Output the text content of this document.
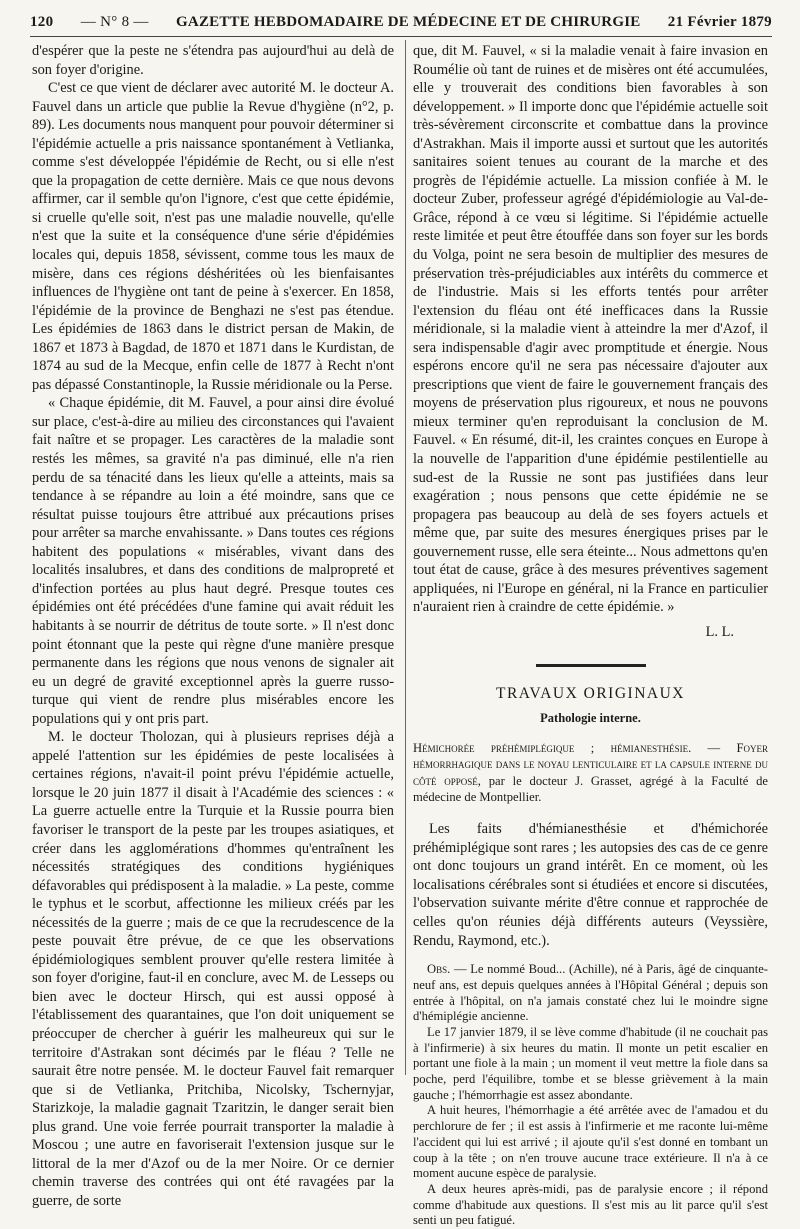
120 — N° 8 — GAZETTE HEBDOMADAIRE DE MÉDECINE ET DE CHIRURGIE 21 Février 1879

d'espérer que la peste ne s'étendra pas aujourd'hui au delà de son foyer d'origine.

C'est ce que vient de déclarer avec autorité M. le docteur A. Fauvel dans un article que publie la Revue d'hygiène (n°2, p. 89). Les documents nous manquent pour pouvoir déterminer si l'épidémie actuelle a pris naissance spontanément à Vetlianka, comme s'est développée l'épidémie de Recht, ou si elle n'est que la propagation de cette dernière. Mais ce que nous devons affirmer, car il semble qu'on l'ignore, c'est que cette épidémie, si cruelle qu'elle soit, n'est pas une maladie nouvelle, qu'elle n'est que la suite et la conséquence d'une série d'épidémies locales qui, depuis 1858, sévissent, comme tous les maux de misère, dans ces régions déshéritées où les bienfaisantes influences de l'hygiène ont tant de peine à s'exercer. En 1858, l'épidémie de la province de Benghazi ne s'est pas étendue. Les épidémies de 1863 dans le district persan de Makin, de 1867 et 1873 à Bagdad, de 1870 et 1871 dans le Kurdistan, de 1874 au sud de la Mecque, enfin celle de 1877 à Recht n'ont pas dépassé Constantinople, la Russie méridionale ou la Perse.

« Chaque épidémie, dit M. Fauvel, a pour ainsi dire évolué sur place, c'est-à-dire au milieu des circonstances qui l'avaient fait naître et se propager. Les caractères de la maladie sont restés les mêmes, sa gravité n'a pas diminué, elle n'a rien perdu de sa ténacité dans les lieux qu'elle a atteints, mais sa tendance à se répandre au loin a été moindre, sans que ce résultat puisse toujours être attribué aux précautions prises pour arrêter sa marche envahissante. » Dans toutes ces régions habitent des populations « misérables, vivant dans des localités insalubres, et dans des conditions de malpropreté et d'infection portées au plus haut degré. Presque toutes ces épidémies ont été précédées d'une famine qui avait réduit les habitants à se nourrir de détritus de toute sorte. » Il n'est donc point étonnant que la peste qui règne d'une manière presque permanente dans les régions que nous venons de signaler ait eu un degré de gravité exceptionnel après la guerre russo-turque qui vient de rendre plus misérables encore les populations qui y ont pris part.

M. le docteur Tholozan, qui à plusieurs reprises déjà a appelé l'attention sur les épidémies de peste localisées à certaines régions, n'avait-il point prévu l'épidémie actuelle, lorsque le 20 juin 1877 il disait à l'Académie des sciences : « La guerre actuelle entre la Turquie et la Russie pourra bien favoriser le transport de la peste par les troupes asiatiques, et créer dans les agglomérations d'hommes qu'entraînent les nécessités stratégiques des conditions hygiéniques défavorables qui prédisposent à la maladie. » La peste, comme le typhus et le scorbut, affectionne les milieux créés par les nécessités de la guerre ; mais de ce que la recrudescence de la peste pouvait être prévue, de ce que les observations épidémiologiques semblent prouver qu'elle restera limitée à son foyer d'origine, faut-il en conclure, avec M. de Lesseps ou bien avec le docteur Hirsch, qui est aussi opposé à l'établissement des quarantaines, que l'on doit uniquement se préoccuper de chercher à guérir les malheureux qui sur le territoire d'Astrakan sont décimés par le fléau ? Telle ne saurait être notre pensée. M. le docteur Fauvel fait remarquer que si de Vetlianka, Pritchiba, Nicolsky, Tschernyjar, Starizkoje, la maladie gagnait Tzaritzin, le danger serait bien plus grand. Une voie ferrée pourrait transporter la maladie à Moscou ; une autre en favoriserait l'extension jusque sur le littoral de la mer d'Azof ou de la mer Noire. Or ce dernier chemin traverse des contrées qui ont été ravagées par la guerre, de sorte

que, dit M. Fauvel, « si la maladie venait à faire invasion en Roumélie où tant de ruines et de misères ont été accumulées, elle y trouverait des conditions bien favorables à son développement. » Il importe donc que l'épidémie actuelle soit très-sévèrement circonscrite et combattue dans la province d'Astrakhan. Mais il importe aussi et surtout que les autorités sanitaires soient tenues au courant de la marche et des progrès de l'épidémie actuelle. La mission confiée à M. le docteur Zuber, professeur agrégé d'épidémiologie au Val-de-Grâce, répond à ce vœu si légitime. Si l'épidémie actuelle reste limitée et peut être étouffée dans son foyer sur les bords du Volga, point ne sera besoin de multiplier des mesures de préservation très-préjudiciables aux intérêts du commerce et de l'industrie. Mais si les efforts tentés pour arrêter l'extension du fléau ont été inefficaces dans la Russie méridionale, si la maladie vient à atteindre la mer d'Azof, il sera indispensable d'agir avec promptitude et énergie. Nous espérons encore qu'il ne sera pas nécessaire d'ajouter aux prescriptions que vient de faire le gouvernement français des moyens de préservation plus rigoureux, et nous ne pouvons mieux terminer qu'en reproduisant la conclusion de M. Fauvel. « En résumé, dit-il, les craintes conçues en Europe à la nouvelle de l'apparition d'une épidémie pestilentielle au sud-est de la Russie ne sont pas justifiées dans leur exagération ; nous pensons que cette épidémie ne se propagera pas beaucoup au delà de ses foyers actuels et même que, par suite des mesures énergiques prises par le gouvernement russe, elle sera éteinte... Nous admettons qu'en tout état de cause, grâce à des mesures préventives sagement appliquées, ni l'Europe en général, ni la France en particulier n'auraient rien à craindre de cette épidémie. »

L. L.
TRAVAUX ORIGINAUX
Pathologie interne.

Hémichorée préhémiplégique ; hémianesthésie. — Foyer hémorrhagique dans le noyau lenticulaire et la capsule interne du côté opposé, par le docteur J. Grasset, agrégé à la Faculté de médecine de Montpellier.

Les faits d'hémianesthésie et d'hémichorée préhémiplégique sont rares ; les autopsies des cas de ce genre ont donc toujours un grand intérêt. En ce moment, où les localisations cérébrales sont si étudiées et encore si discutées, l'observation suivante mérite d'être connue et rapprochée de celles qu'on réunies déjà différents auteurs (Veyssière, Rendu, Raymond, etc.).

Obs. — Le nommé Boud... (Achille), né à Paris, âgé de cinquante-neuf ans, est depuis quelques années à l'Hôpital Général ; depuis son entrée à l'hôpital, on n'a jamais constaté chez lui le moindre signe d'hémiplégie ancienne.

Le 17 janvier 1879, il se lève comme d'habitude (il ne couchait pas à l'infirmerie) à six heures du matin. Il monte un petit escalier en portant une fiole à la main ; un moment il veut mettre la fiole dans sa poche, perd l'équilibre, tombe et se blesse grièvement à la main gauche ; l'hémorrhagie est assez abondante.

A huit heures, l'hémorrhagie a été arrêtée avec de l'amadou et du perchlorure de fer ; il est assis à l'infirmerie et me raconte lui-même l'accident qui lui est arrivé ; il ajoute qu'il s'est donné en tombant un coup à la tête ; on n'en trouve aucune trace extérieure. Il n'a à ce moment aucune espèce de paralysie.

A deux heures après-midi, pas de paralysie encore ; il répond comme d'habitude aux questions. Il s'est mis au lit parce qu'il s'est senti un peu fatigué.
